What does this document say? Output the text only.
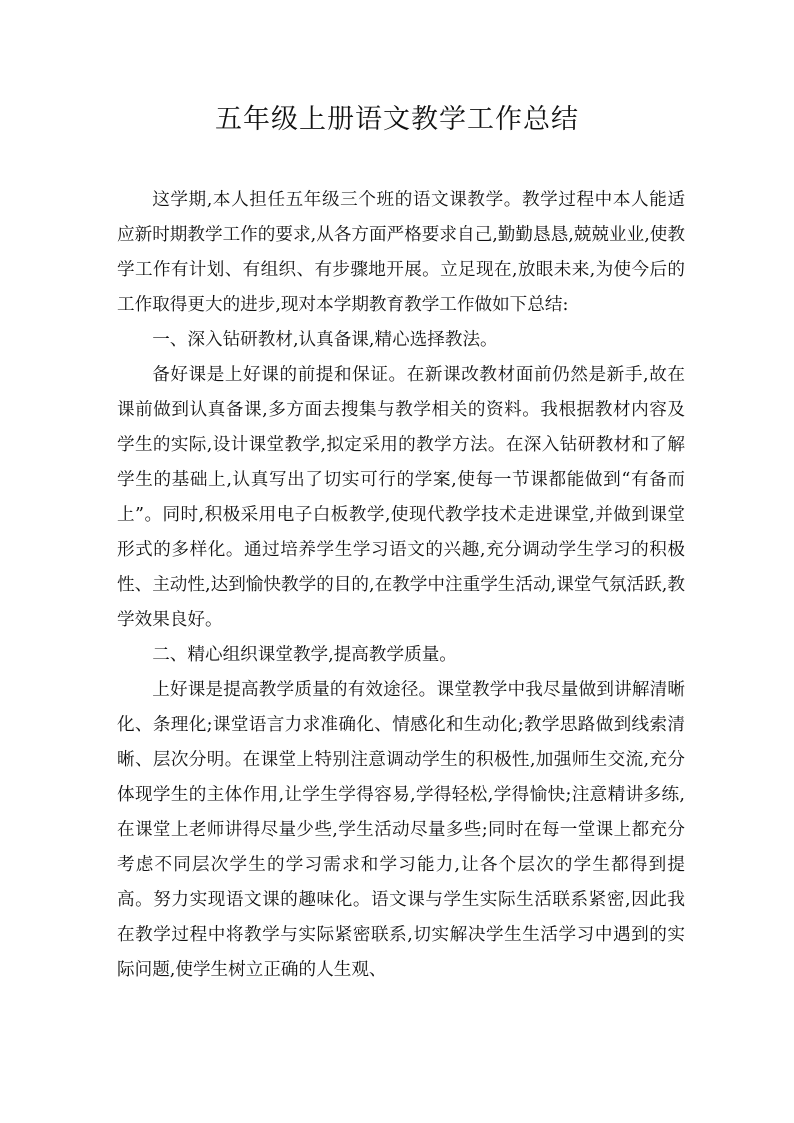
五年级上册语文教学工作总结

这学期,本人担任五年级三个班的语文课教学。教学过程中本人能适应新时期教学工作的要求,从各方面严格要求自己,勤勤恳恳,兢兢业业,使教学工作有计划、有组织、有步骤地开展。立足现在,放眼未来,为使今后的工作取得更大的进步,现对本学期教育教学工作做如下总结:

一、深入钻研教材,认真备课,精心选择教法。

备好课是上好课的前提和保证。在新课改教材面前仍然是新手,故在课前做到认真备课,多方面去搜集与教学相关的资料。我根据教材内容及学生的实际,设计课堂教学,拟定采用的教学方法。在深入钻研教材和了解学生的基础上,认真写出了切实可行的学案,使每一节课都能做到“有备而上”。同时,积极采用电子白板教学,使现代教学技术走进课堂,并做到课堂形式的多样化。通过培养学生学习语文的兴趣,充分调动学生学习的积极性、主动性,达到愉快教学的目的,在教学中注重学生活动,课堂气氛活跃,教学效果良好。

二、精心组织课堂教学,提高教学质量。

上好课是提高教学质量的有效途径。课堂教学中我尽量做到讲解清晰化、条理化;课堂语言力求准确化、情感化和生动化;教学思路做到线索清晰、层次分明。在课堂上特别注意调动学生的积极性,加强师生交流,充分体现学生的主体作用,让学生学得容易,学得轻松,学得愉快;注意精讲多练,在课堂上老师讲得尽量少些,学生活动尽量多些;同时在每一堂课上都充分考虑不同层次学生的学习需求和学习能力,让各个层次的学生都得到提高。努力实现语文课的趣味化。语文课与学生实际生活联系紧密,因此我在教学过程中将教学与实际紧密联系,切实解决学生生活学习中遇到的实际问题,使学生树立正确的人生观、
